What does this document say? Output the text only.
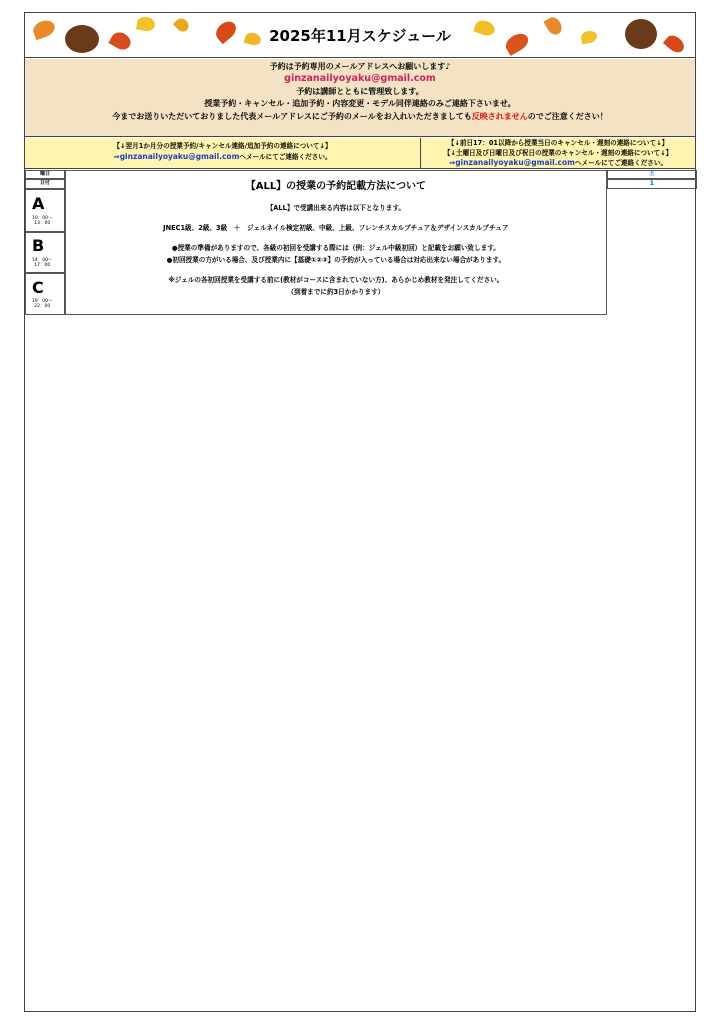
2025年11月スケジュール
予約は予約専用のメールアドレスへお願いします♪
ginzanailyoyaku@gmail.com
予約は講師とともに管理致します。
授業予約・キャンセル・追加予約・内容変更・モデル同伴連絡のみご連絡下さいませ。
今までお送りいただいておりました代表メールアドレスにご予約のメールをお入れいただきましても反映されませんのでご注意ください！
【↓翌月1か月分の授業予約/キャンセル連絡/追加予約の連絡について↓】
⇒ginzanailyoyaku@gmail.comへメールにてご連絡ください。
【↓前日17：01以降から授業当日のキャンセル・遅刻の連絡について↓】
【↓土曜日及び日曜日及び祝日の授業のキャンセル・遅刻の連絡について↓】
⇒ginzanailyoyaku@gmail.comへメールにてご連絡ください。
曜日	土
日付	1
A
10：00～
13：00
B
14：00～
17：00
C
19：00～
22：00
【ALL】の授業の予約記載方法について
【ALL】で受講出来る内容は以下となります。
JNEC1級、2級、3級　＋　ジェルネイル検定初級、中級、上級、フレンチスカルプチュア＆デザインスカルプチュア
●授業の準備がありますので、各級の初回を受講する際には（例：ジェル中級初回）と記載をお願い致します。
●初回授業の方がいる場合、及び授業内に【基礎①②③】の予約が入っている場合は対応出来ない場合があります。
※ジェルの各初回授業を受講する前に(教材がコースに含まれていない方)、あらかじめ教材を発注してください。
（到着までに約3日かかります）
